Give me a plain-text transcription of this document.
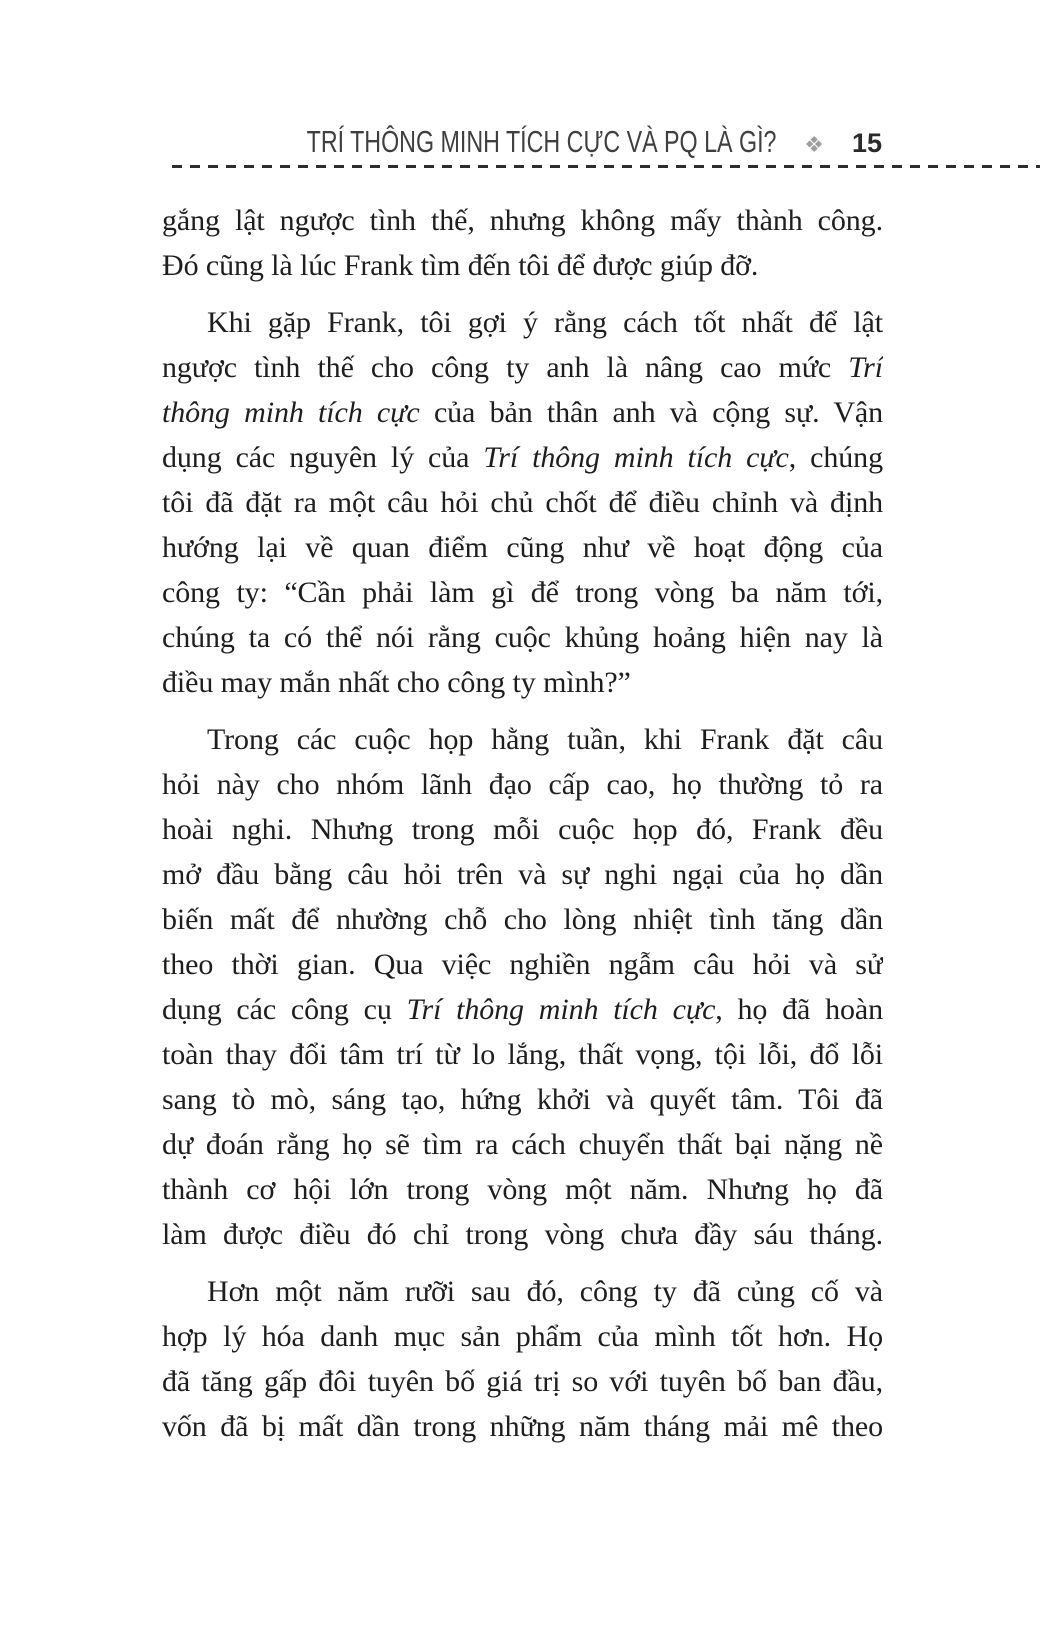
TRÍ THÔNG MINH TÍCH CỰC VÀ PQ LÀ GÌ? ❖ 15
gắng lật ngược tình thế, nhưng không mấy thành công.
Đó cũng là lúc Frank tìm đến tôi để được giúp đỡ.
Khi gặp Frank, tôi gợi ý rằng cách tốt nhất để lật
ngược tình thế cho công ty anh là nâng cao mức Trí
thông minh tích cực của bản thân anh và cộng sự. Vận
dụng các nguyên lý của Trí thông minh tích cực, chúng
tôi đã đặt ra một câu hỏi chủ chốt để điều chỉnh và định
hướng lại về quan điểm cũng như về hoạt động của
công ty: “Cần phải làm gì để trong vòng ba năm tới,
chúng ta có thể nói rằng cuộc khủng hoảng hiện nay là
điều may mắn nhất cho công ty mình?”
Trong các cuộc họp hằng tuần, khi Frank đặt câu
hỏi này cho nhóm lãnh đạo cấp cao, họ thường tỏ ra
hoài nghi. Nhưng trong mỗi cuộc họp đó, Frank đều
mở đầu bằng câu hỏi trên và sự nghi ngại của họ dần
biến mất để nhường chỗ cho lòng nhiệt tình tăng dần
theo thời gian. Qua việc nghiền ngẫm câu hỏi và sử
dụng các công cụ Trí thông minh tích cực, họ đã hoàn
toàn thay đổi tâm trí từ lo lắng, thất vọng, tội lỗi, đổ lỗi
sang tò mò, sáng tạo, hứng khởi và quyết tâm. Tôi đã
dự đoán rằng họ sẽ tìm ra cách chuyển thất bại nặng nề
thành cơ hội lớn trong vòng một năm. Nhưng họ đã
làm được điều đó chỉ trong vòng chưa đầy sáu tháng.
Hơn một năm rưỡi sau đó, công ty đã củng cố và
hợp lý hóa danh mục sản phẩm của mình tốt hơn. Họ
đã tăng gấp đôi tuyên bố giá trị so với tuyên bố ban đầu,
vốn đã bị mất dần trong những năm tháng mải mê theo
